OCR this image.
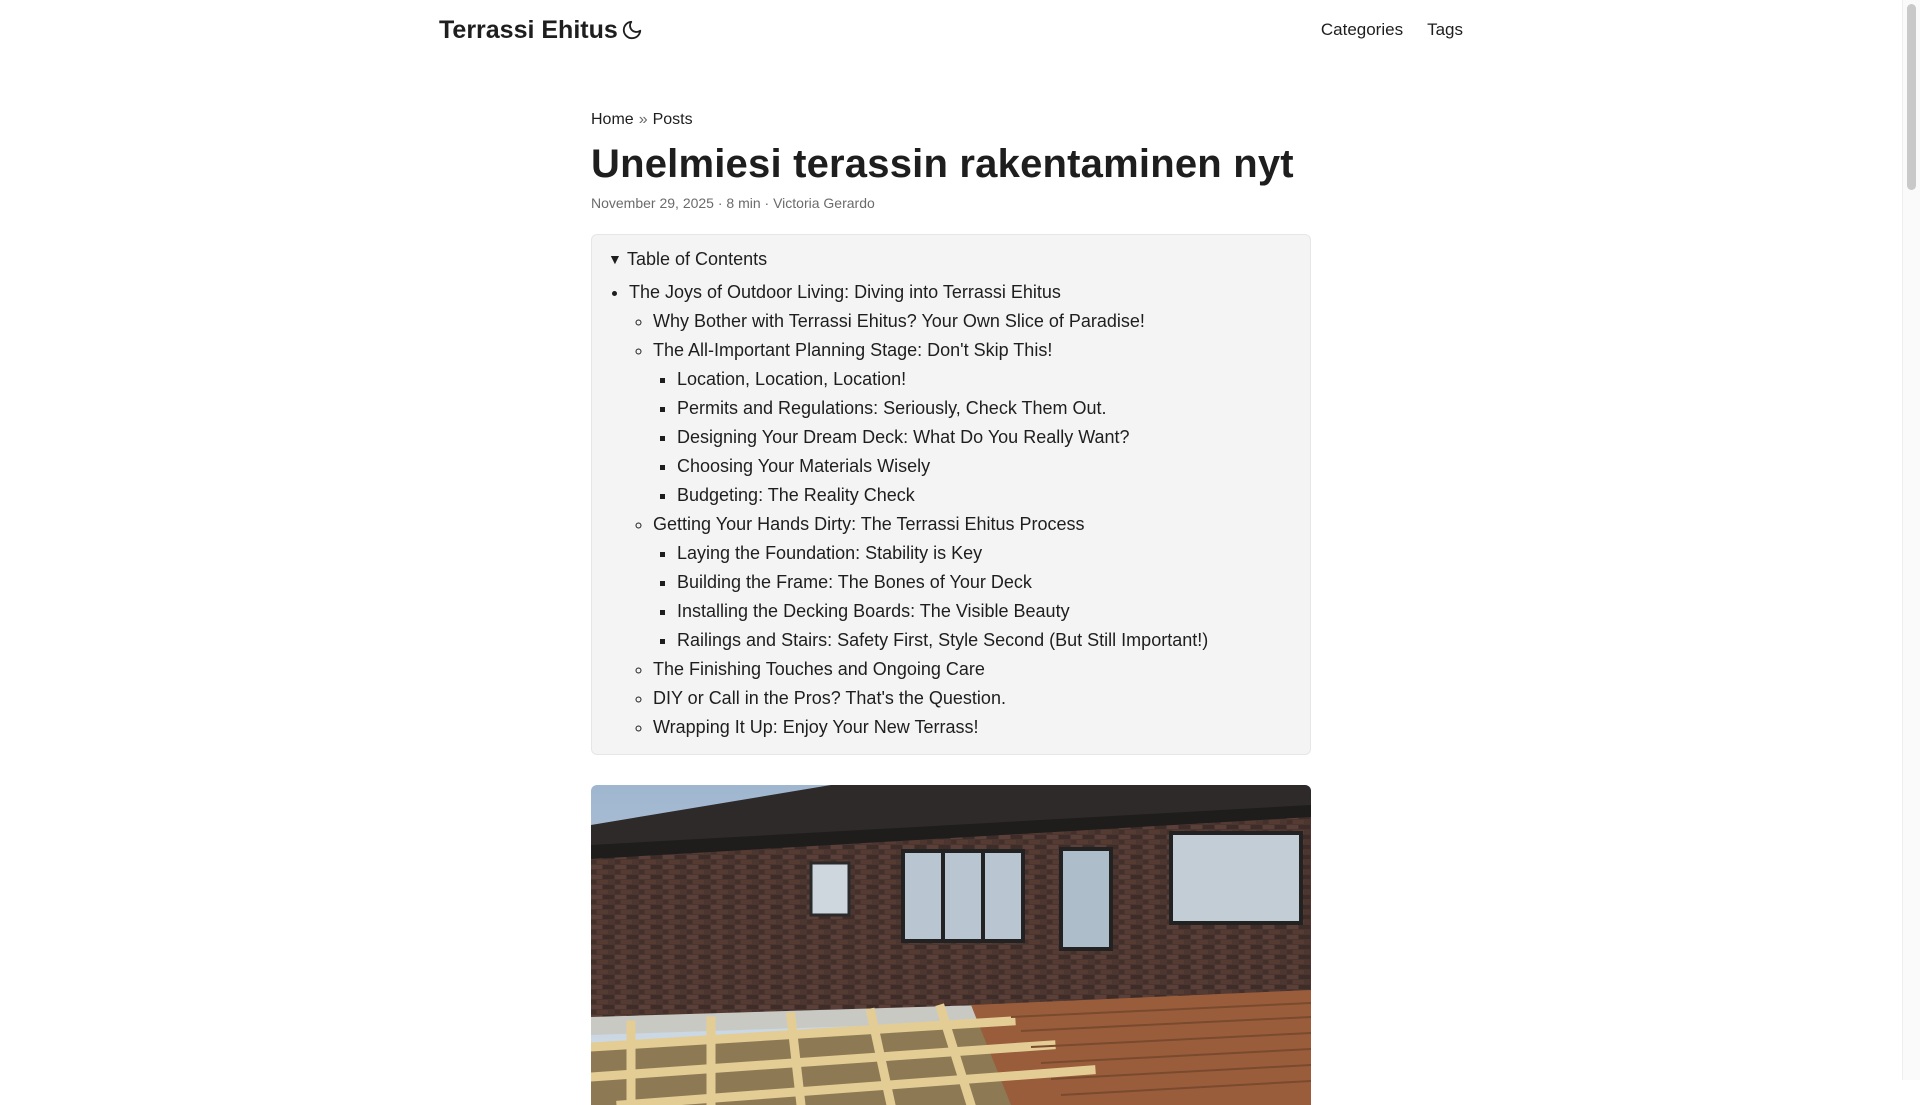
Terrassi Ehitus	Categories Tags
Home » Posts
Unelmiesi terassin rakentaminen nyt
November 29, 2025 · 8 min · Victoria Gerardo
▼ Table of Contents
• The Joys of Outdoor Living: Diving into Terrassi Ehitus
◦ Why Bother with Terrassi Ehitus? Your Own Slice of Paradise!
◦ The All-Important Planning Stage: Don't Skip This!
▪ Location, Location, Location!
▪ Permits and Regulations: Seriously, Check Them Out.
▪ Designing Your Dream Deck: What Do You Really Want?
▪ Choosing Your Materials Wisely
▪ Budgeting: The Reality Check
◦ Getting Your Hands Dirty: The Terrassi Ehitus Process
▪ Laying the Foundation: Stability is Key
▪ Building the Frame: The Bones of Your Deck
▪ Installing the Decking Boards: The Visible Beauty
▪ Railings and Stairs: Safety First, Style Second (But Still Important!)
◦ The Finishing Touches and Ongoing Care
◦ DIY or Call in the Pros? That's the Question.
◦ Wrapping It Up: Enjoy Your New Terrass!
